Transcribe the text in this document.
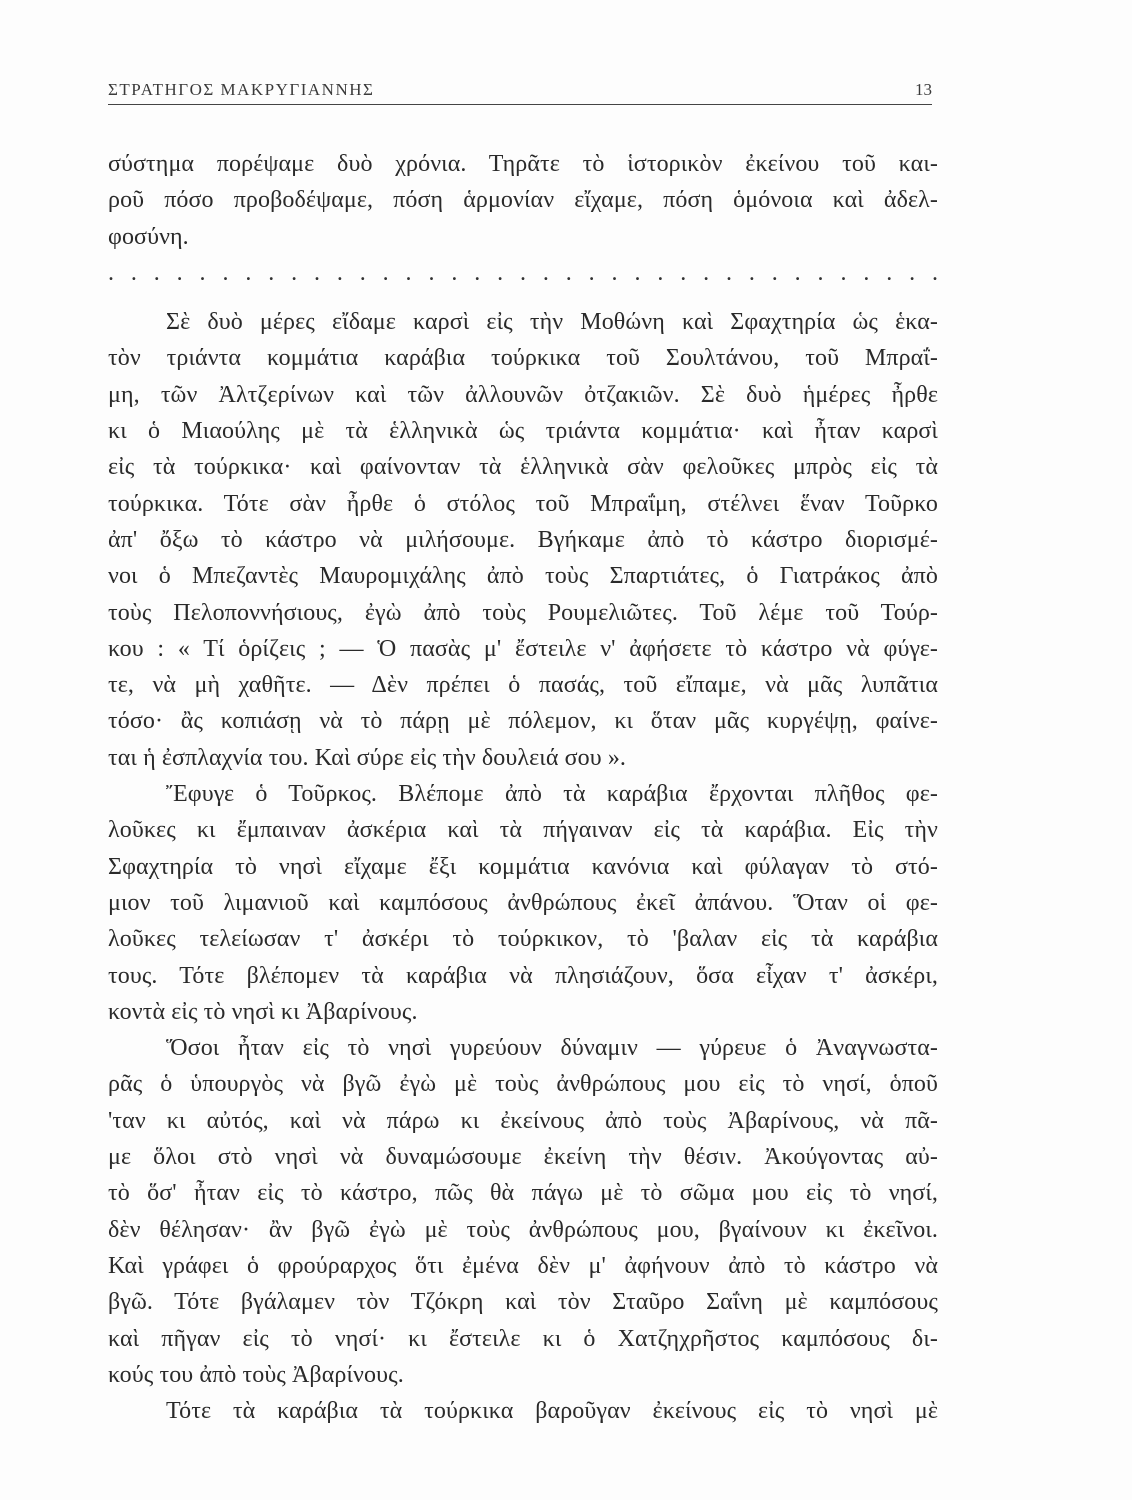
ΣΤΡΑΤΗΓΟΣ ΜΑΚΡΥΓΙΑΝΝΗΣ	13
σύστημα πορέψαμε δυὸ χρόνια. Τηρᾶτε τὸ ἱστορικὸν ἐκείνου τοῦ και-
ροῦ πόσο προβοδέψαμε, πόση ἁρμονίαν εἴχαμε, πόση ὁμόνοια καὶ ἀδελ-
φοσύνη.
. . . . . . . . . . . . . . . . . . . . . . . . . . . . . . . . . . . . .
Σὲ δυὸ μέρες εἴδαμε καρσὶ εἰς τὴν Μοθώνη καὶ Σφαχτηρία ὡς ἑκα-
τὸν τριάντα κομμάτια καράβια τούρκικα τοῦ Σουλτάνου, τοῦ Μπραΐ-
μη, τῶν Ἀλτζερίνων καὶ τῶν ἀλλουνῶν ὀτζακιῶν. Σὲ δυὸ ἡμέρες ἦρθε
κι ὁ Μιαούλης μὲ τὰ ἑλληνικὰ ὡς τριάντα κομμάτια· καὶ ἦταν καρσὶ
εἰς τὰ τούρκικα· καὶ φαίνονταν τὰ ἑλληνικὰ σὰν φελοῦκες μπρὸς εἰς τὰ
τούρκικα. Τότε σὰν ἦρθε ὁ στόλος τοῦ Μπραΐμη, στέλνει ἕναν Τοῦρκο
ἀπ' ὄξω τὸ κάστρο νὰ μιλήσουμε. Βγήκαμε ἀπὸ τὸ κάστρο διορισμέ-
νοι ὁ Μπεζαντὲς Μαυρομιχάλης ἀπὸ τοὺς Σπαρτιάτες, ὁ Γιατράκος ἀπὸ
τοὺς Πελοποννήσιους, ἐγὼ ἀπὸ τοὺς Ρουμελιῶτες. Τοῦ λέμε τοῦ Τούρ-
κου : « Τί ὁρίζεις ; — Ὁ πασὰς μ' ἔστειλε ν' ἀφήσετε τὸ κάστρο νὰ φύγε-
τε, νὰ μὴ χαθῆτε. — Δὲν πρέπει ὁ πασάς, τοῦ εἴπαμε, νὰ μᾶς λυπᾶτια
τόσο· ἂς κοπιάσῃ νὰ τὸ πάρῃ μὲ πόλεμον, κι ὅταν μᾶς κυργέψῃ, φαίνε-
ται ἡ ἐσπλαχνία του. Καὶ σύρε εἰς τὴν δουλειά σου ».
Ἔφυγε ὁ Τοῦρκος. Βλέπομε ἀπὸ τὰ καράβια ἔρχονται πλῆθος φε-
λοῦκες κι ἔμπαιναν ἀσκέρια καὶ τὰ πήγαιναν εἰς τὰ καράβια. Εἰς τὴν
Σφαχτηρία τὸ νησὶ εἴχαμε ἔξι κομμάτια κανόνια καὶ φύλαγαν τὸ στό-
μιον τοῦ λιμανιοῦ καὶ καμπόσους ἀνθρώπους ἐκεῖ ἀπάνου. Ὅταν οἱ φε-
λοῦκες τελείωσαν τ' ἀσκέρι τὸ τούρκικον, τὸ 'βαλαν εἰς τὰ καράβια
τους. Τότε βλέπομεν τὰ καράβια νὰ πλησιάζουν, ὅσα εἶχαν τ' ἀσκέρι,
κοντὰ εἰς τὸ νησὶ κι Ἀβαρίνους.
Ὅσοι ἦταν εἰς τὸ νησὶ γυρεύουν δύναμιν — γύρευε ὁ Ἀναγνωστα-
ρᾶς ὁ ὑπουργὸς νὰ βγῶ ἐγὼ μὲ τοὺς ἀνθρώπους μου εἰς τὸ νησί, ὁποῦ
'ταν κι αὐτός, καὶ νὰ πάρω κι ἐκείνους ἀπὸ τοὺς Ἀβαρίνους, νὰ πᾶ-
με ὅλοι στὸ νησὶ νὰ δυναμώσουμε ἐκείνη τὴν θέσιν. Ἀκούγοντας αὐ-
τὸ ὅσ' ἦταν εἰς τὸ κάστρο, πῶς θὰ πάγω μὲ τὸ σῶμα μου εἰς τὸ νησί,
δὲν θέλησαν· ἂν βγῶ ἐγὼ μὲ τοὺς ἀνθρώπους μου, βγαίνουν κι ἐκεῖνοι.
Καὶ γράφει ὁ φρούραρχος ὅτι ἐμένα δὲν μ' ἀφήνουν ἀπὸ τὸ κάστρο νὰ
βγῶ. Τότε βγάλαμεν τὸν Τζόκρη καὶ τὸν Σταῦρο Σαΐνη μὲ καμπόσους
καὶ πῆγαν εἰς τὸ νησί· κι ἔστειλε κι ὁ Χατζηχρῆστος καμπόσους δι-
κούς του ἀπὸ τοὺς Ἀβαρίνους.
Τότε τὰ καράβια τὰ τούρκικα βαροῦγαν ἐκείνους εἰς τὸ νησὶ μὲ
